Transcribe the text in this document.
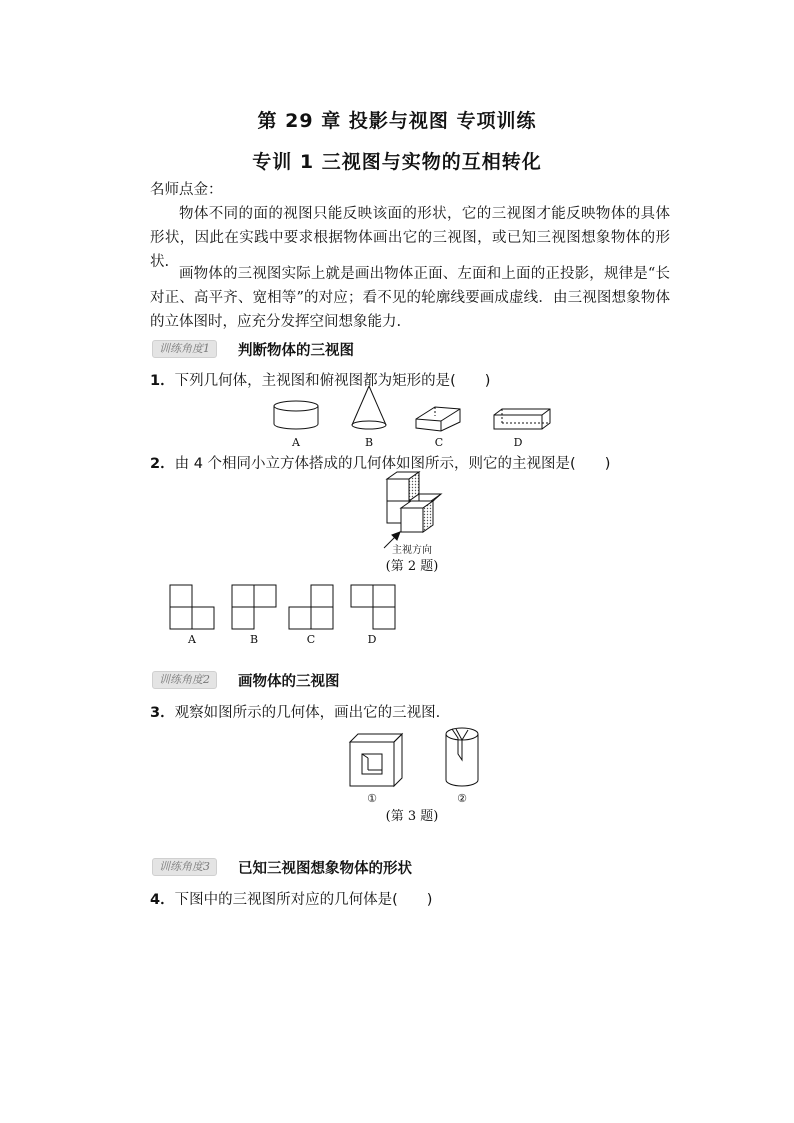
第 29 章 投影与视图 专项训练
专训 1 三视图与实物的互相转化
名师点金：
物体不同的面的视图只能反映该面的形状，它的三视图才能反映物体的具体形状，因此在实践中要求根据物体画出它的三视图，或已知三视图想象物体的形状.
画物体的三视图实际上就是画出物体正面、左面和上面的正投影，规律是“长对正、高平齐、宽相等”的对应；看不见的轮廓线要画成虚线．由三视图想象物体的立体图时，应充分发挥空间想象能力.
训练角度1	判断物体的三视图
1．下列几何体，主视图和俯视图都为矩形的是(　　)
A	B	C	D
2．由 4 个相同小立方体搭成的几何体如图所示，则它的主视图是(　　)
主视方向
(第 2 题)
A	B	C	D
训练角度2	画物体的三视图
3．观察如图所示的几何体，画出它的三视图.
①	②
(第 3 题)
训练角度3	已知三视图想象物体的形状
4．下图中的三视图所对应的几何体是(　　)
